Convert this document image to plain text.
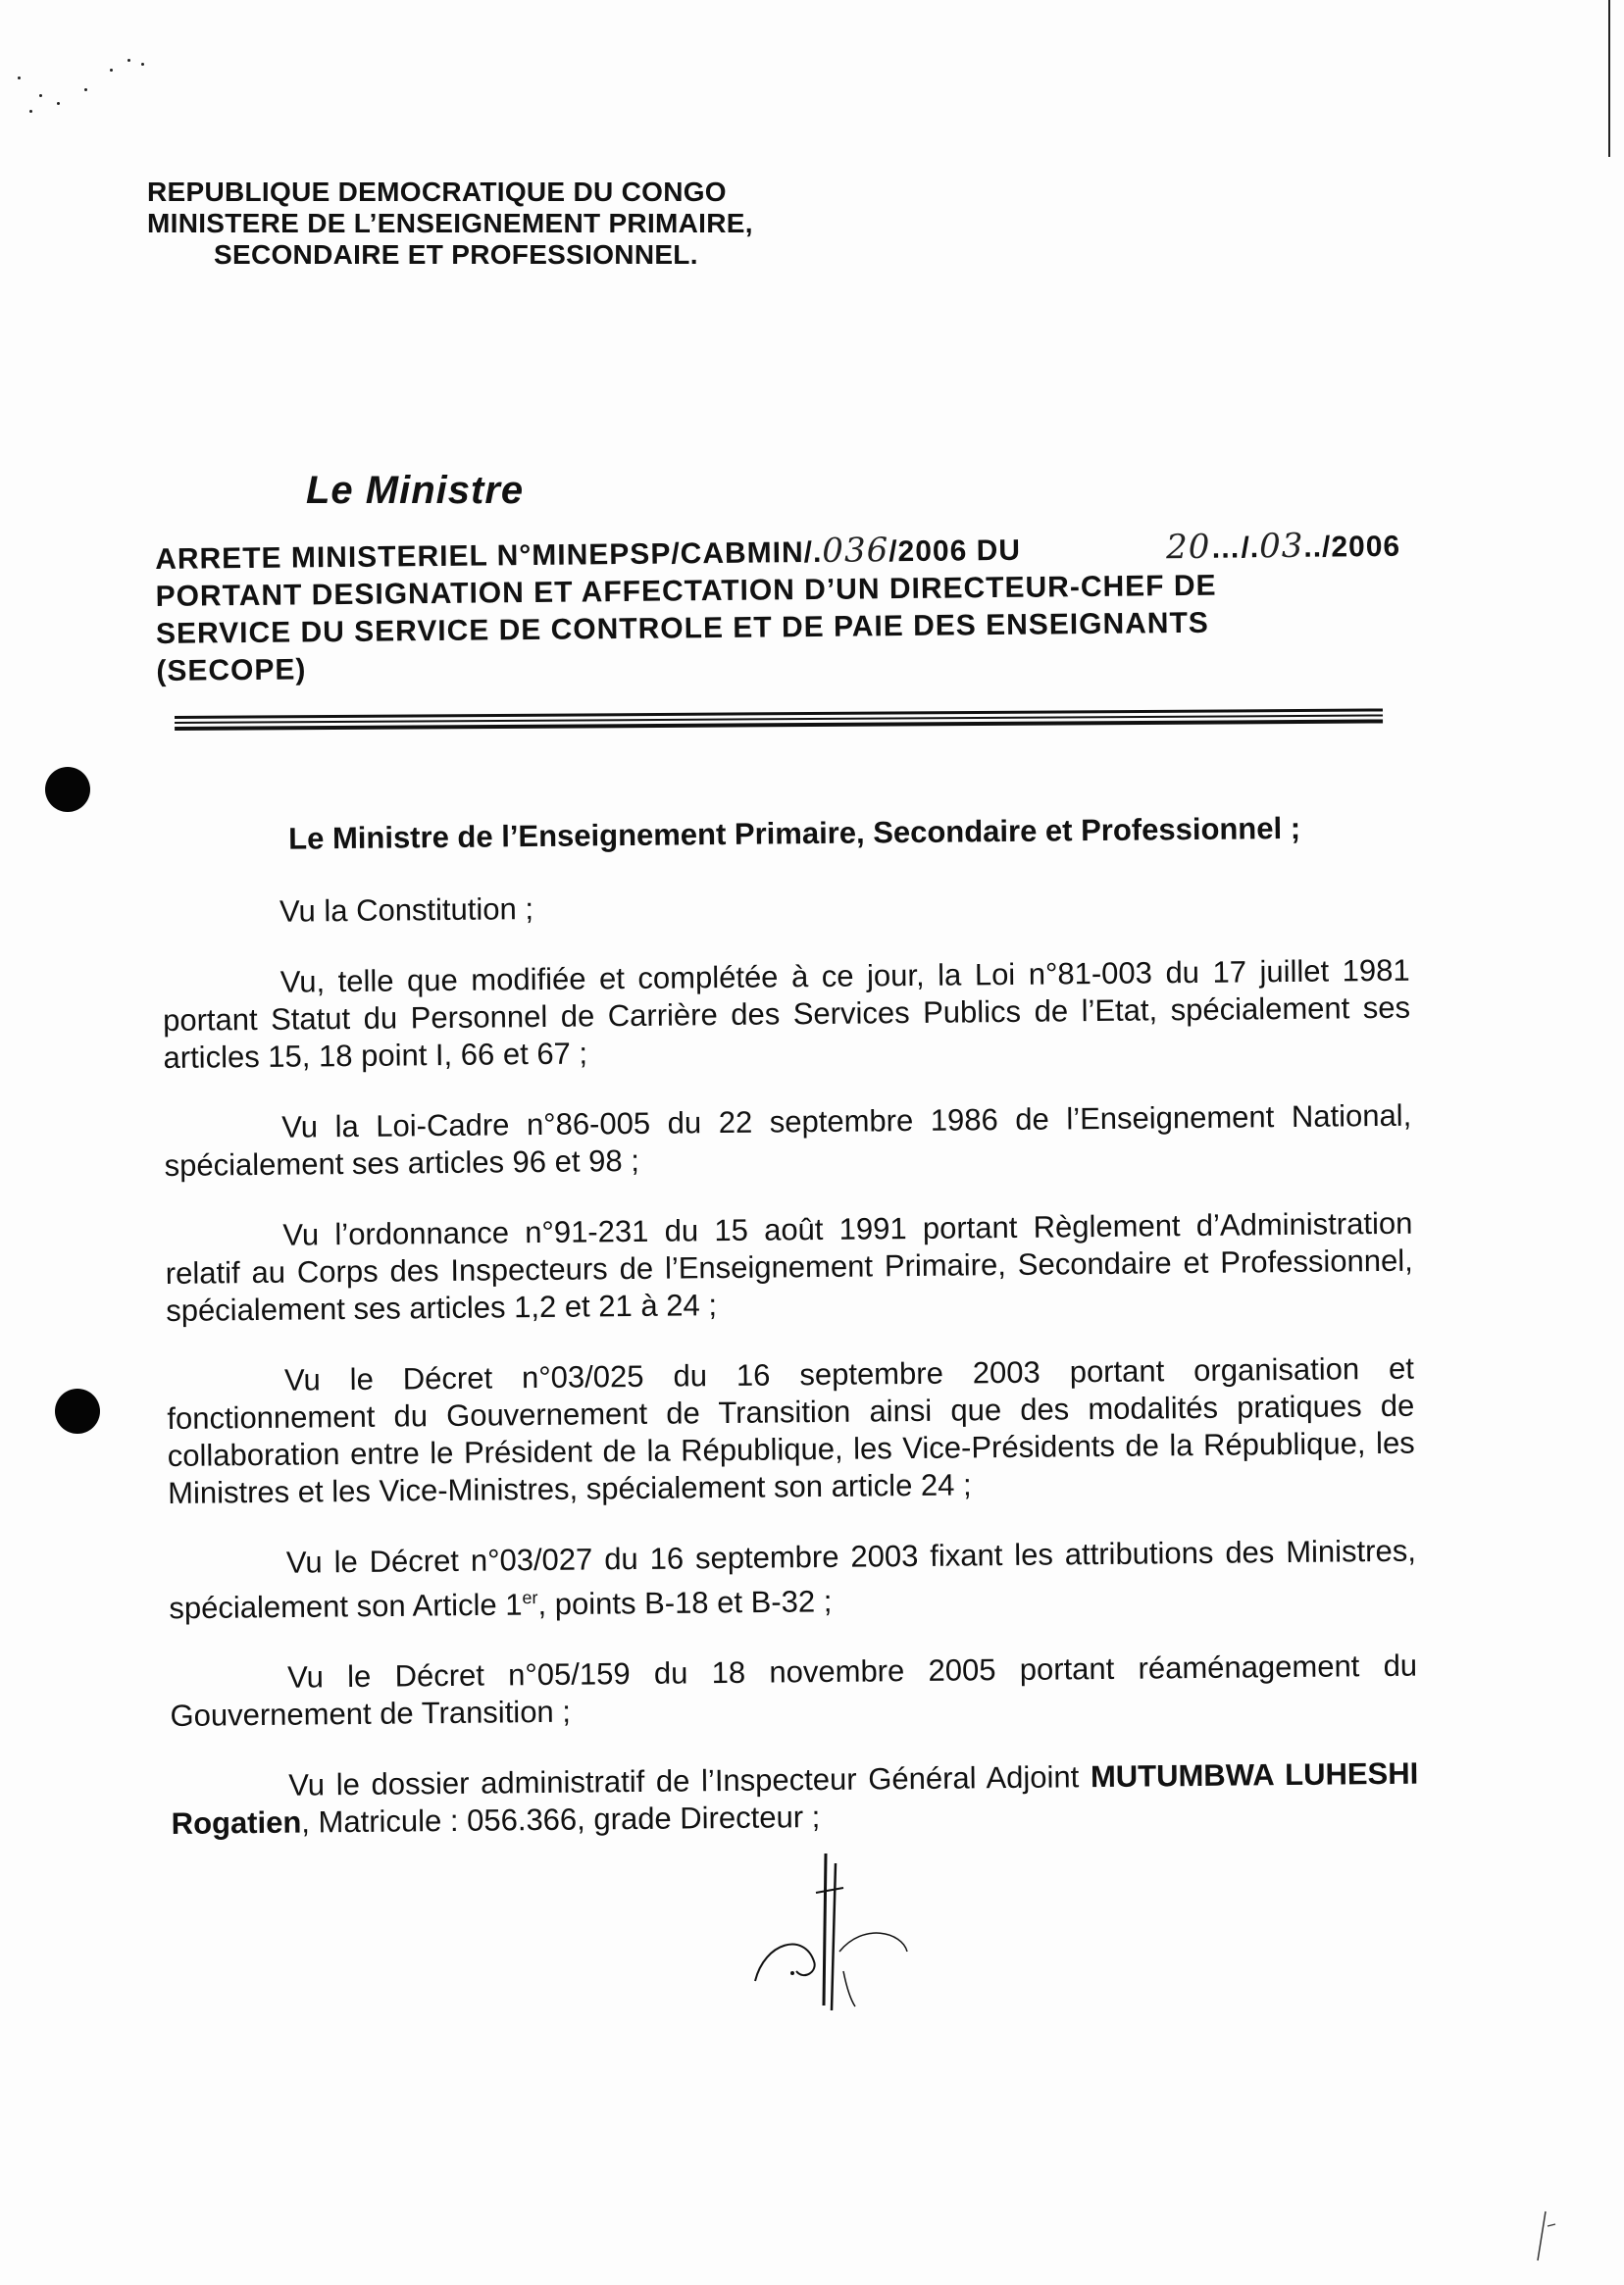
REPUBLIQUE DEMOCRATIQUE DU CONGO
MINISTERE DE L’ENSEIGNEMENT PRIMAIRE,
SECONDAIRE ET PROFESSIONNEL.
Le Ministre
ARRETE MINISTERIEL N°MINEPSP/CABMIN/.036/2006 DU	20…/.03../2006
PORTANT DESIGNATION ET AFFECTATION D’UN DIRECTEUR-CHEF DE
SERVICE DU SERVICE DE CONTROLE ET DE PAIE DES ENSEIGNANTS
(SECOPE)

Le Ministre de l’Enseignement Primaire, Secondaire et Professionnel ;

Vu la Constitution ;

Vu, telle que modifiée et complétée à ce jour, la Loi n°81-003 du 17 juillet 1981 portant Statut du Personnel de Carrière des Services Publics de l’Etat, spécialement ses articles 15, 18 point I, 66 et 67 ;

Vu la Loi-Cadre n°86-005 du 22 septembre 1986 de l’Enseignement National, spécialement ses articles 96 et 98 ;

Vu l’ordonnance n°91-231 du 15 août 1991 portant Règlement d’Administration relatif au Corps des Inspecteurs de l’Enseignement Primaire, Secondaire et Professionnel, spécialement ses articles 1,2 et 21 à 24 ;

Vu le Décret n°03/025 du 16 septembre 2003 portant organisation et fonctionnement du Gouvernement de Transition ainsi que des modalités pratiques de collaboration entre le Président de la République, les Vice-Présidents de la République, les Ministres et les Vice-Ministres, spécialement son article 24 ;

Vu le Décret n°03/027 du 16 septembre 2003 fixant les attributions des Ministres, spécialement son Article 1er, points B-18 et B-32 ;

Vu le Décret n°05/159 du 18 novembre 2005 portant réaménagement du Gouvernement de Transition ;

Vu le dossier administratif de l’Inspecteur Général Adjoint MUTUMBWA LUHESHI Rogatien, Matricule : 056.366, grade Directeur ;
